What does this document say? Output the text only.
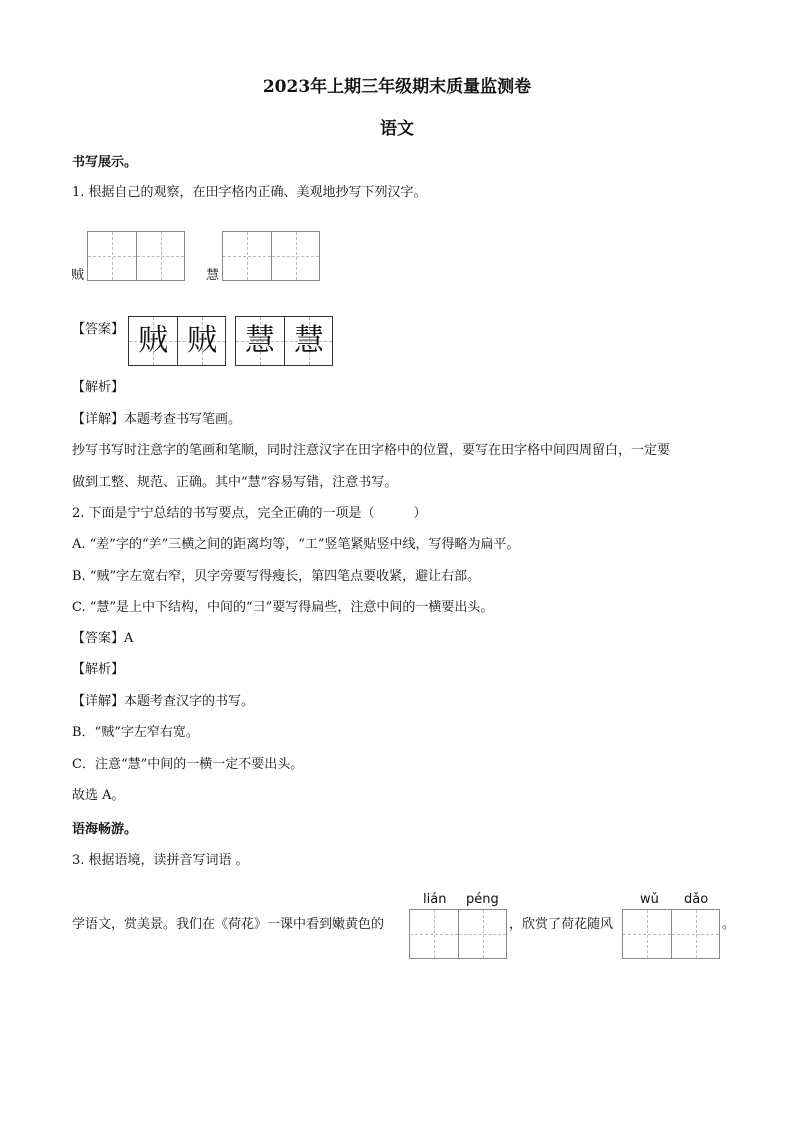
2023年上期三年级期末质量监测卷
语文
书写展示。
1. 根据自己的观察，在田字格内正确、美观地抄写下列汉字。
贼	慧
【答案】 贼 贼 慧 慧
【解析】
【详解】本题考查书写笔画。
抄写书写时注意字的笔画和笔顺，同时注意汉字在田字格中的位置，要写在田字格中间四周留白，一定要
做到工整、规范、正确。其中“慧”容易写错，注意书写。
2. 下面是宁宁总结的书写要点，完全正确的一项是（　　　）
A. “差”字的“⺶”三横之间的距离均等，“工”竖笔紧贴竖中线，写得略为扁平。
B. “贼”字左宽右窄，贝字旁要写得瘦长，第四笔点要收紧，避让右部。
C. “慧”是上中下结构，中间的“彐”要写得扁些，注意中间的一横要出头。
【答案】A
【解析】
【详解】本题考查汉字的书写。
B．“贼”字左窄右宽。
C．注意“慧”中间的一横一定不要出头。
故选 A。
语海畅游。
3. 根据语境，读拼音写词语 。
lián péng	wǔ dǎo
学语文，赏美景。我们在《荷花》一课中看到嫩黄色的	，欣赏了荷花随风	。
